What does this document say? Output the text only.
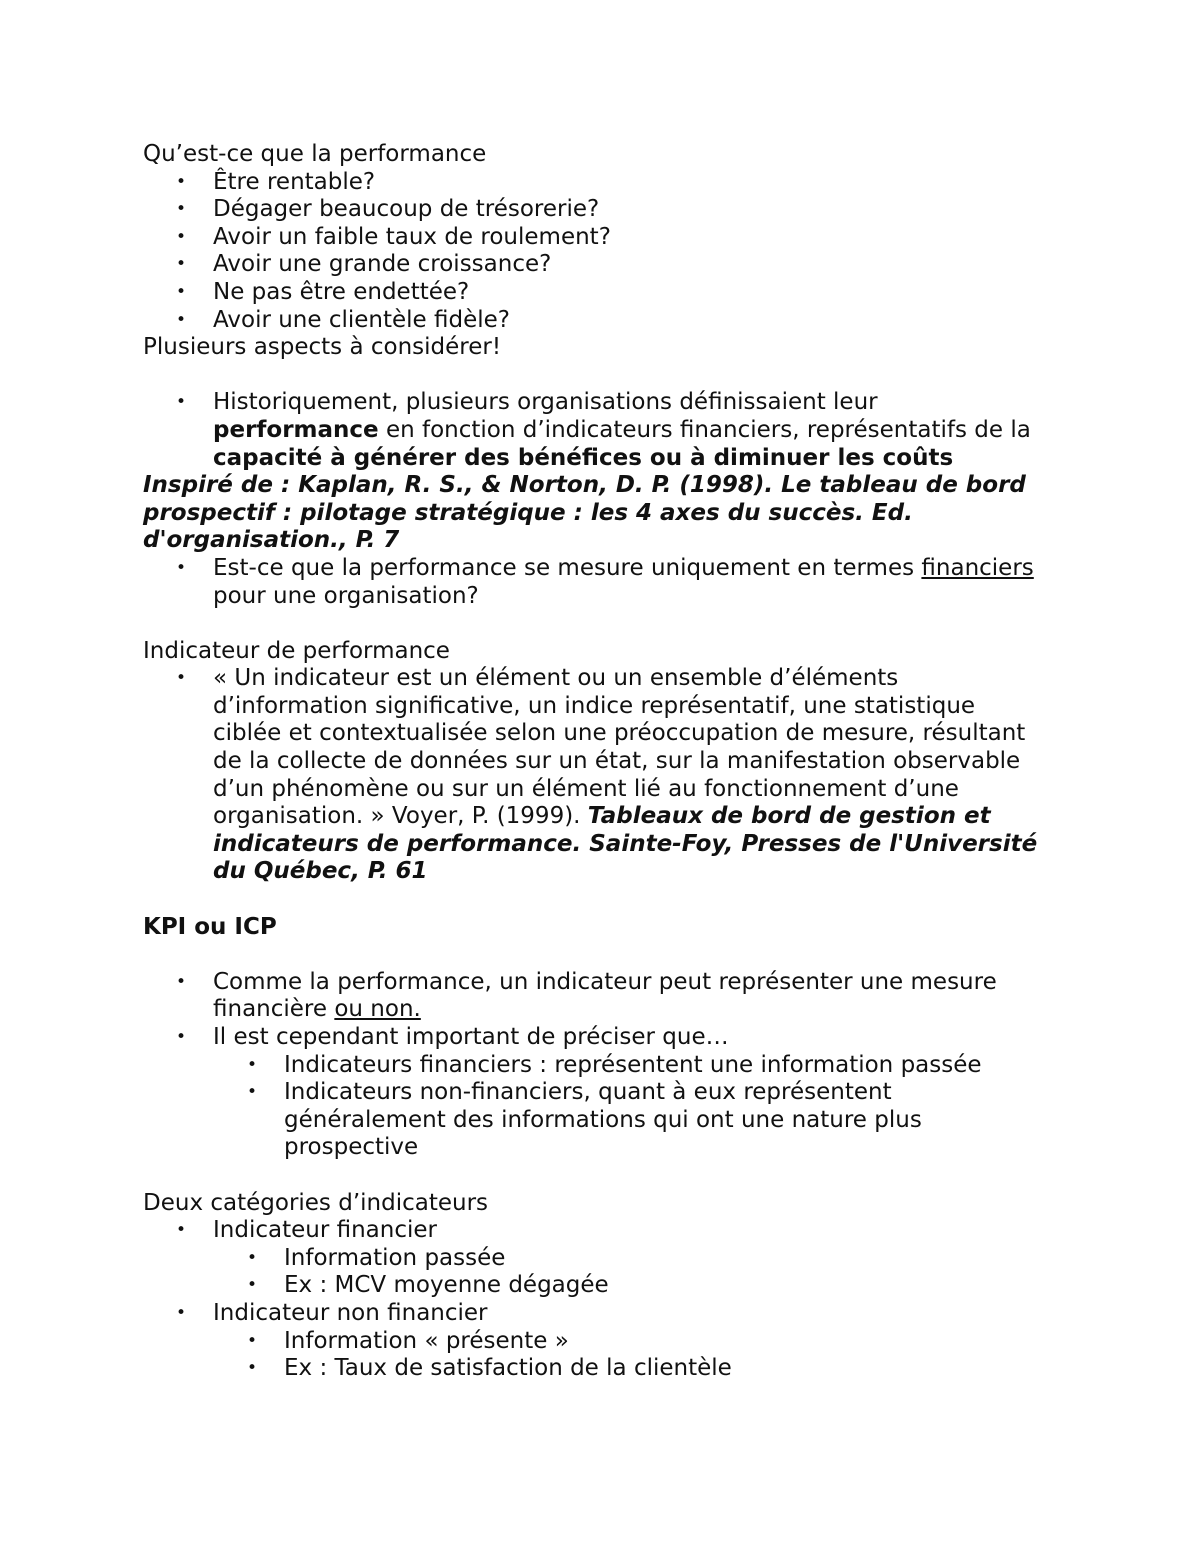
Qu’est-ce que la performance
• Être rentable?
• Dégager beaucoup de trésorerie?
• Avoir un faible taux de roulement?
• Avoir une grande croissance?
• Ne pas être endettée?
• Avoir une clientèle fidèle?
Plusieurs aspects à considérer!
• Historiquement, plusieurs organisations définissaient leur
performance en fonction d’indicateurs financiers, représentatifs de la
capacité à générer des bénéfices ou à diminuer les coûts
Inspiré de : Kaplan, R. S., & Norton, D. P. (1998). Le tableau de bord
prospectif : pilotage stratégique : les 4 axes du succès. Ed.
d'organisation., P. 7
• Est-ce que la performance se mesure uniquement en termes financiers
pour une organisation?
Indicateur de performance
• « Un indicateur est un élément ou un ensemble d’éléments
d’information significative, un indice représentatif, une statistique
ciblée et contextualisée selon une préoccupation de mesure, résultant
de la collecte de données sur un état, sur la manifestation observable
d’un phénomène ou sur un élément lié au fonctionnement d’une
organisation. » Voyer, P. (1999). Tableaux de bord de gestion et
indicateurs de performance. Sainte-Foy, Presses de l'Université
du Québec, P. 61
KPI ou ICP
• Comme la performance, un indicateur peut représenter une mesure
financière ou non.
• Il est cependant important de préciser que…
• Indicateurs financiers : représentent une information passée
• Indicateurs non-financiers, quant à eux représentent
généralement des informations qui ont une nature plus
prospective
Deux catégories d’indicateurs
• Indicateur financier
• Information passée
• Ex : MCV moyenne dégagée
• Indicateur non financier
• Information « présente »
• Ex : Taux de satisfaction de la clientèle
